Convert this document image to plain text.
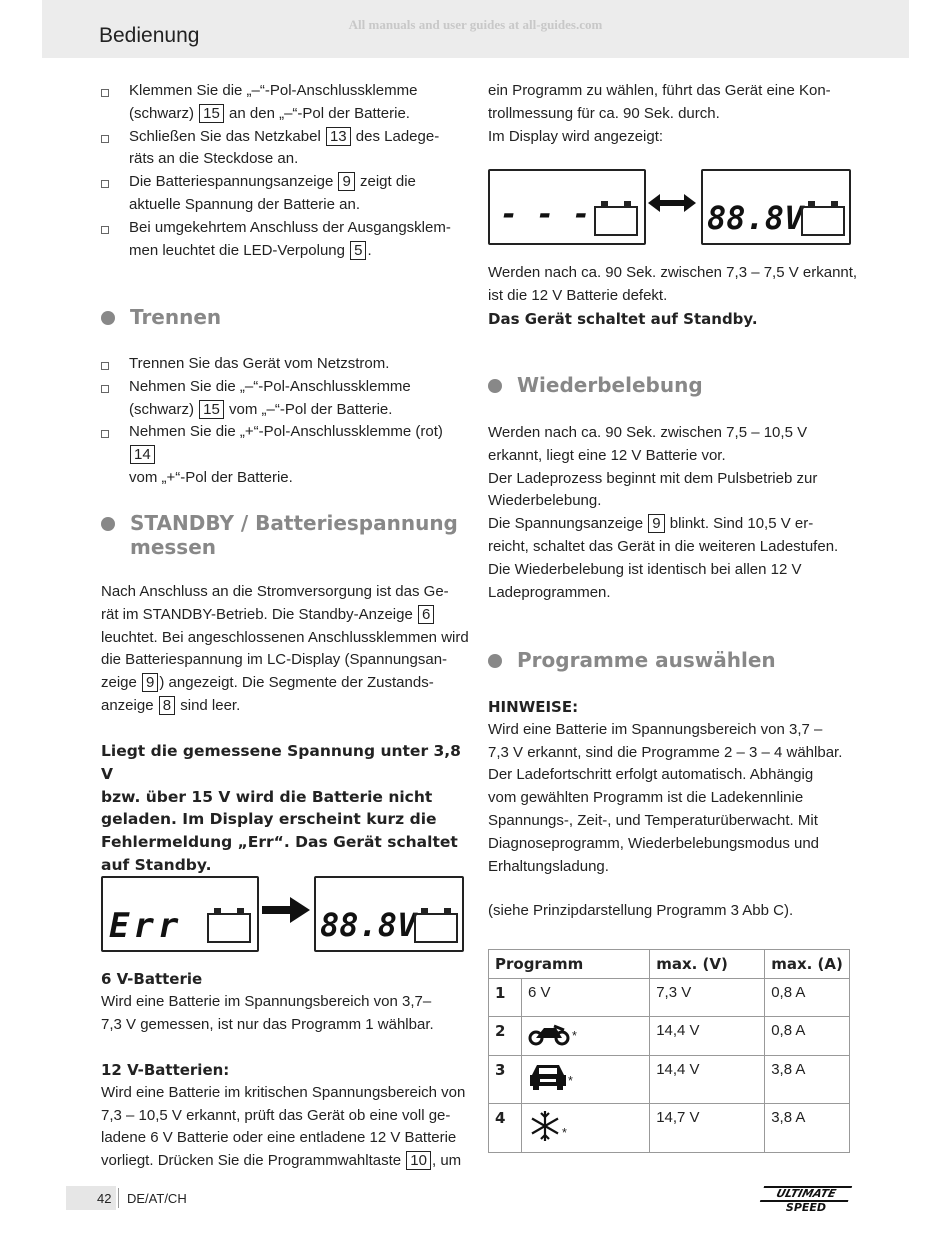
All manuals and user guides at all-guides.com
Bedienung

Klemmen Sie die „–“-Pol-Anschlussklemme
(schwarz) 15 an den „–“-Pol der Batterie.

Schließen Sie das Netzkabel 13 des Ladege-
räts an die Steckdose an.

Die Batteriespannungsanzeige 9 zeigt die
aktuelle Spannung der Batterie an.

Bei umgekehrtem Anschluss der Ausgangsklem-
men leuchtet die LED-Verpolung 5 .

Trennen

Trennen Sie das Gerät vom Netzstrom.

Nehmen Sie die „–“-Pol-Anschlussklemme
(schwarz) 15 vom „–“-Pol der Batterie.

Nehmen Sie die „+“-Pol-Anschlussklemme (rot) 14
vom „+“-Pol der Batterie.

STANDBY / Batteriespannung
messen

Nach Anschluss an die Stromversorgung ist das Ge-
rät im STANDBY-Betrieb. Die Standby-Anzeige 6
leuchtet. Bei angeschlossenen Anschlussklemmen wird
die Batteriespannung im LC-Display (Spannungsan-
zeige 9 ) angezeigt. Die Segmente der Zustands-
anzeige 8 sind leer.

Liegt die gemessene Spannung unter 3,8 V
bzw. über 15 V wird die Batterie nicht
geladen. Im Display erscheint kurz die
Fehlermeldung „Err“. Das Gerät schaltet
auf Standby.

Err	88.8V

6 V-Batterie

Wird eine Batterie im Spannungsbereich von 3,7–
7,3 V gemessen, ist nur das Programm 1 wählbar.

12 V-Batterien:

Wird eine Batterie im kritischen Spannungsbereich von
7,3 – 10,5 V erkannt, prüft das Gerät ob eine voll ge-
ladene 6 V Batterie oder eine entladene 12 V Batterie
vorliegt. Drücken Sie die Programmwahltaste 10 , um

ein Programm zu wählen, führt das Gerät eine Kon-
trollmessung für ca. 90 Sek. durch.
Im Display wird angezeigt:

- - -	88.8V

Werden nach ca. 90 Sek. zwischen 7,3 – 7,5 V erkannt,
ist die 12 V Batterie defekt.

Das Gerät schaltet auf Standby.

Wiederbelebung

Werden nach ca. 90 Sek. zwischen 7,5 – 10,5 V
erkannt, liegt eine 12 V Batterie vor.
Der Ladeprozess beginnt mit dem Pulsbetrieb zur
Wiederbelebung.
Die Spannungsanzeige 9 blinkt. Sind 10,5 V er-
reicht, schaltet das Gerät in die weiteren Ladestufen.
Die Wiederbelebung ist identisch bei allen 12 V
Ladeprogrammen.

Programme auswählen

HINWEISE:

Wird eine Batterie im Spannungsbereich von 3,7 –
7,3 V erkannt, sind die Programme 2 – 3 – 4 wählbar.
Der Ladefortschritt erfolgt automatisch. Abhängig
vom gewählten Programm ist die Ladekennlinie
Spannungs-, Zeit-, und Temperaturüberwacht. Mit
Diagnoseprogramm, Wiederbelebungsmodus und
Erhaltungsladung.

(siehe Prinzipdarstellung Programm 3 Abb C).

Programm		max. (V)	max. (A)
1	6 V	7,3 V	0,8 A
2	*	14,4 V	0,8 A
3	*	14,4 V	3,8 A
4	*	14,7 V	3,8 A
42 DE/AT/CH	ULTIMATE
SPEED
